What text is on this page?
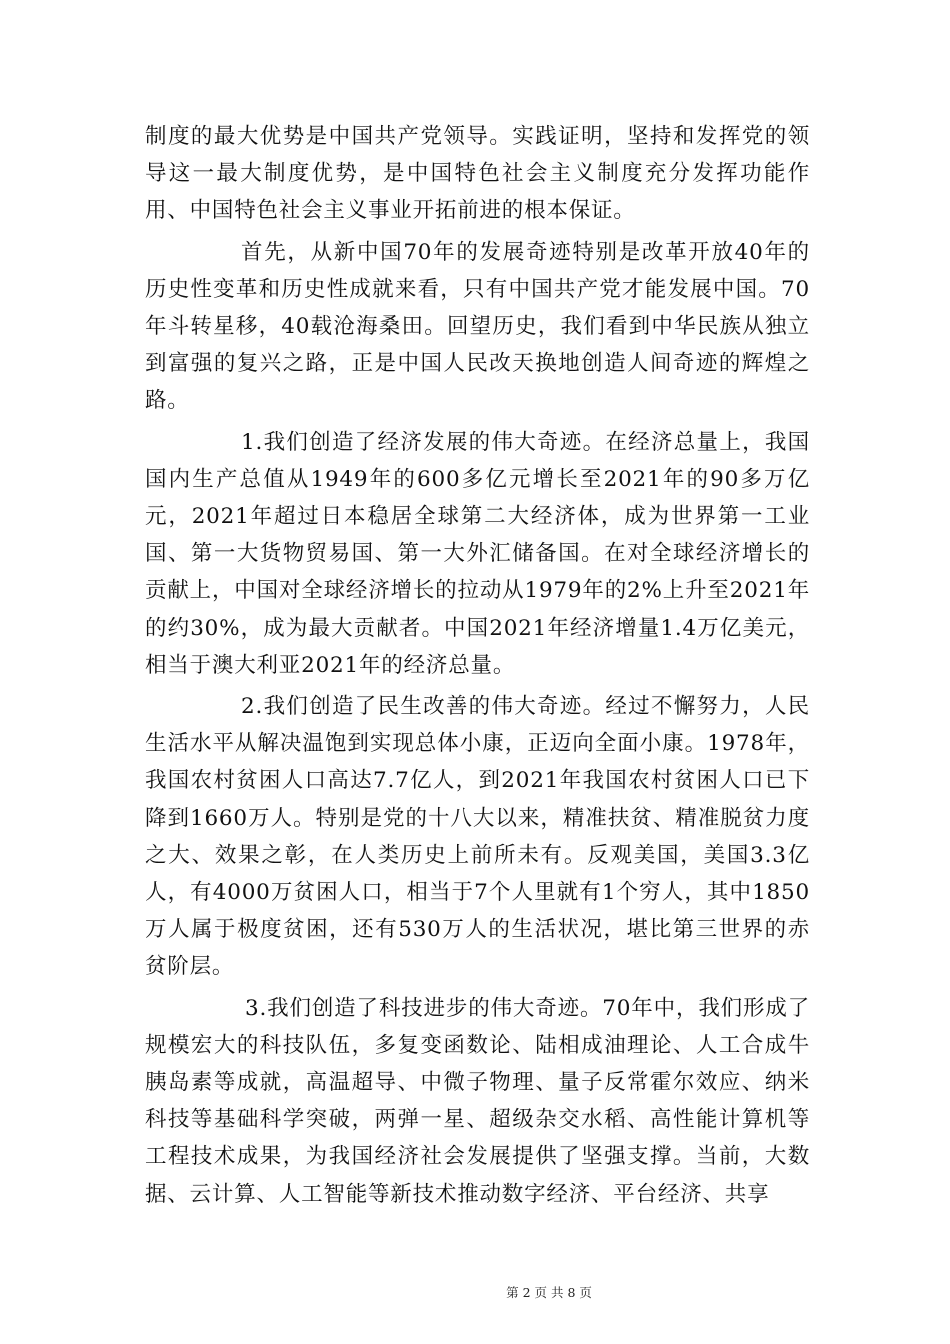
制度的最大优势是中国共产党领导。实践证明，坚持和发挥党的领导这一最大制度优势，是中国特色社会主义制度充分发挥功能作用、中国特色社会主义事业开拓前进的根本保证。

首先，从新中国70年的发展奇迹特别是改革开放40年的历史性变革和历史性成就来看，只有中国共产党才能发展中国。70年斗转星移，40载沧海桑田。回望历史，我们看到中华民族从独立到富强的复兴之路，正是中国人民改天换地创造人间奇迹的辉煌之路。

1.我们创造了经济发展的伟大奇迹。在经济总量上，我国国内生产总值从1949年的600多亿元增长至2021年的90多万亿元，2021年超过日本稳居全球第二大经济体，成为世界第一工业国、第一大货物贸易国、第一大外汇储备国。在对全球经济增长的贡献上，中国对全球经济增长的拉动从1979年的2%上升至2021年的约30%，成为最大贡献者。中国2021年经济增量1.4万亿美元，相当于澳大利亚2021年的经济总量。

2.我们创造了民生改善的伟大奇迹。经过不懈努力，人民生活水平从解决温饱到实现总体小康，正迈向全面小康。1978年，我国农村贫困人口高达7.7亿人，到2021年我国农村贫困人口已下降到1660万人。特别是党的十八大以来，精准扶贫、精准脱贫力度之大、效果之彰，在人类历史上前所未有。反观美国，美国3.3亿人，有4000万贫困人口，相当于7个人里就有1个穷人，其中1850万人属于极度贫困，还有530万人的生活状况，堪比第三世界的赤贫阶层。

3.我们创造了科技进步的伟大奇迹。70年中，我们形成了规模宏大的科技队伍，多复变函数论、陆相成油理论、人工合成牛胰岛素等成就，高温超导、中微子物理、量子反常霍尔效应、纳米科技等基础科学突破，两弹一星、超级杂交水稻、高性能计算机等工程技术成果，为我国经济社会发展提供了坚强支撑。当前，大数据、云计算、人工智能等新技术推动数字经济、平台经济、共享

第 2 页 共 8 页
